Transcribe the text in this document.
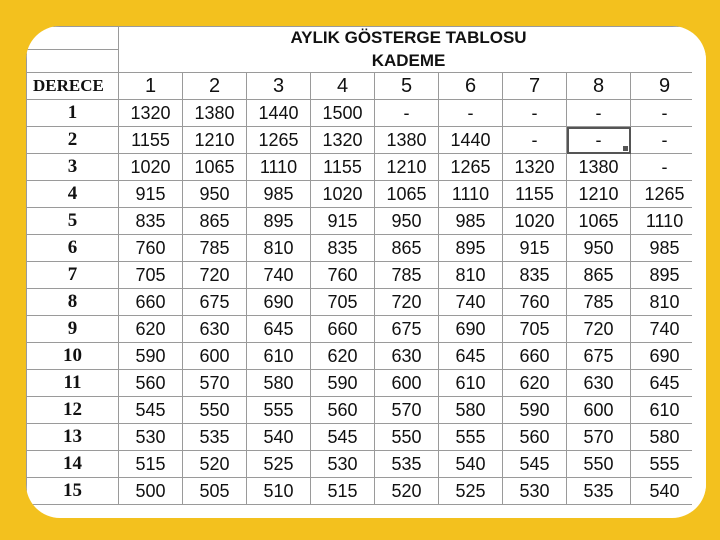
	AYLIK GÖSTERGE TABLOSU								
	KADEME								
DERECE	1	2	3	4	5	6	7	8	9
1	1320	1380	1440	1500	-	-	-	-	-
2	1155	1210	1265	1320	1380	1440	-	-	-
3	1020	1065	1110	1155	1210	1265	1320	1380	-
4	915	950	985	1020	1065	1110	1155	1210	1265
5	835	865	895	915	950	985	1020	1065	1110
6	760	785	810	835	865	895	915	950	985
7	705	720	740	760	785	810	835	865	895
8	660	675	690	705	720	740	760	785	810
9	620	630	645	660	675	690	705	720	740
10	590	600	610	620	630	645	660	675	690
11	560	570	580	590	600	610	620	630	645
12	545	550	555	560	570	580	590	600	610
13	530	535	540	545	550	555	560	570	580
14	515	520	525	530	535	540	545	550	555
15	500	505	510	515	520	525	530	535	540
